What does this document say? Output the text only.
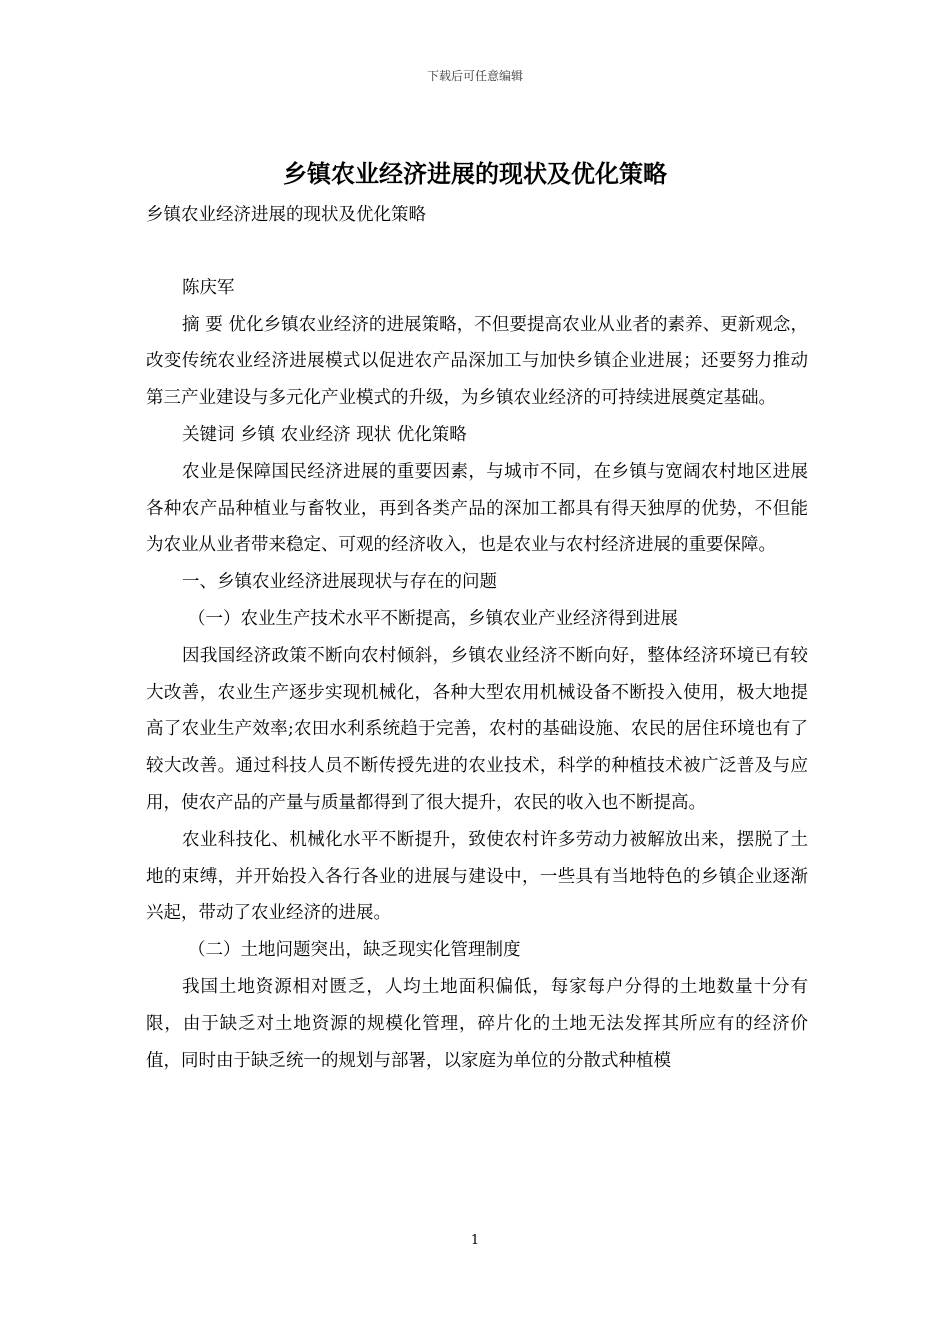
下载后可任意编辑
乡镇农业经济进展的现状及优化策略

乡镇农业经济进展的现状及优化策略

陈庆军

摘 要 优化乡镇农业经济的进展策略，不但要提高农业从业者的素养、更新观念，改变传统农业经济进展模式以促进农产品深加工与加快乡镇企业进展；还要努力推动第三产业建设与多元化产业模式的升级，为乡镇农业经济的可持续进展奠定基础。

关键词 乡镇 农业经济 现状 优化策略

农业是保障国民经济进展的重要因素，与城市不同，在乡镇与宽阔农村地区进展各种农产品种植业与畜牧业，再到各类产品的深加工都具有得天独厚的优势，不但能为农业从业者带来稳定、可观的经济收入，也是农业与农村经济进展的重要保障。

一、乡镇农业经济进展现状与存在的问题

（一）农业生产技术水平不断提高，乡镇农业产业经济得到进展

因我国经济政策不断向农村倾斜，乡镇农业经济不断向好，整体经济环境已有较大改善，农业生产逐步实现机械化，各种大型农用机械设备不断投入使用，极大地提高了农业生产效率;农田水利系统趋于完善，农村的基础设施、农民的居住环境也有了较大改善。通过科技人员不断传授先进的农业技术，科学的种植技术被广泛普及与应用，使农产品的产量与质量都得到了很大提升，农民的收入也不断提高。

农业科技化、机械化水平不断提升，致使农村许多劳动力被解放出来，摆脱了土地的束缚，并开始投入各行各业的进展与建设中，一些具有当地特色的乡镇企业逐渐兴起，带动了农业经济的进展。

（二）土地问题突出，缺乏现实化管理制度

我国土地资源相对匮乏，人均土地面积偏低，每家每户分得的土地数量十分有限，由于缺乏对土地资源的规模化管理，碎片化的土地无法发挥其所应有的经济价值，同时由于缺乏统一的规划与部署，以家庭为单位的分散式种植模

1
